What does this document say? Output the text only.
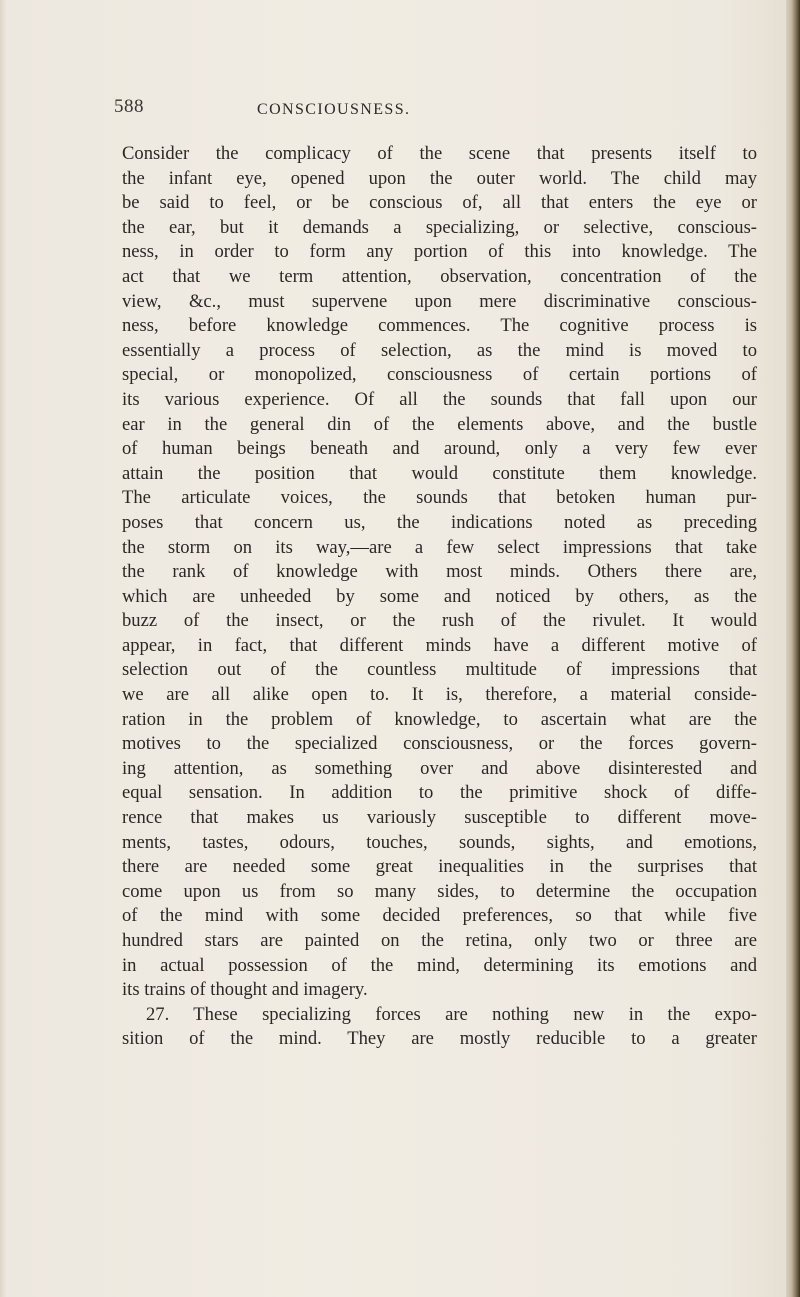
588	CONSCIOUSNESS.
Consider the complicacy of the scene that presents itself to
the infant eye, opened upon the outer world. The child may
be said to feel, or be conscious of, all that enters the eye or
the ear, but it demands a specializing, or selective, conscious-
ness, in order to form any portion of this into knowledge. The
act that we term attention, observation, concentration of the
view, &c., must supervene upon mere discriminative conscious-
ness, before knowledge commences. The cognitive process is
essentially a process of selection, as the mind is moved to
special, or monopolized, consciousness of certain portions of
its various experience. Of all the sounds that fall upon our
ear in the general din of the elements above, and the bustle
of human beings beneath and around, only a very few ever
attain the position that would constitute them knowledge.
The articulate voices, the sounds that betoken human pur-
poses that concern us, the indications noted as preceding
the storm on its way,—are a few select impressions that take
the rank of knowledge with most minds. Others there are,
which are unheeded by some and noticed by others, as the
buzz of the insect, or the rush of the rivulet. It would
appear, in fact, that different minds have a different motive of
selection out of the countless multitude of impressions that
we are all alike open to. It is, therefore, a material conside-
ration in the problem of knowledge, to ascertain what are the
motives to the specialized consciousness, or the forces govern-
ing attention, as something over and above disinterested and
equal sensation. In addition to the primitive shock of diffe-
rence that makes us variously susceptible to different move-
ments, tastes, odours, touches, sounds, sights, and emotions,
there are needed some great inequalities in the surprises that
come upon us from so many sides, to determine the occupation
of the mind with some decided preferences, so that while five
hundred stars are painted on the retina, only two or three are
in actual possession of the mind, determining its emotions and
its trains of thought and imagery.
27. These specializing forces are nothing new in the expo-
sition of the mind. They are mostly reducible to a greater
